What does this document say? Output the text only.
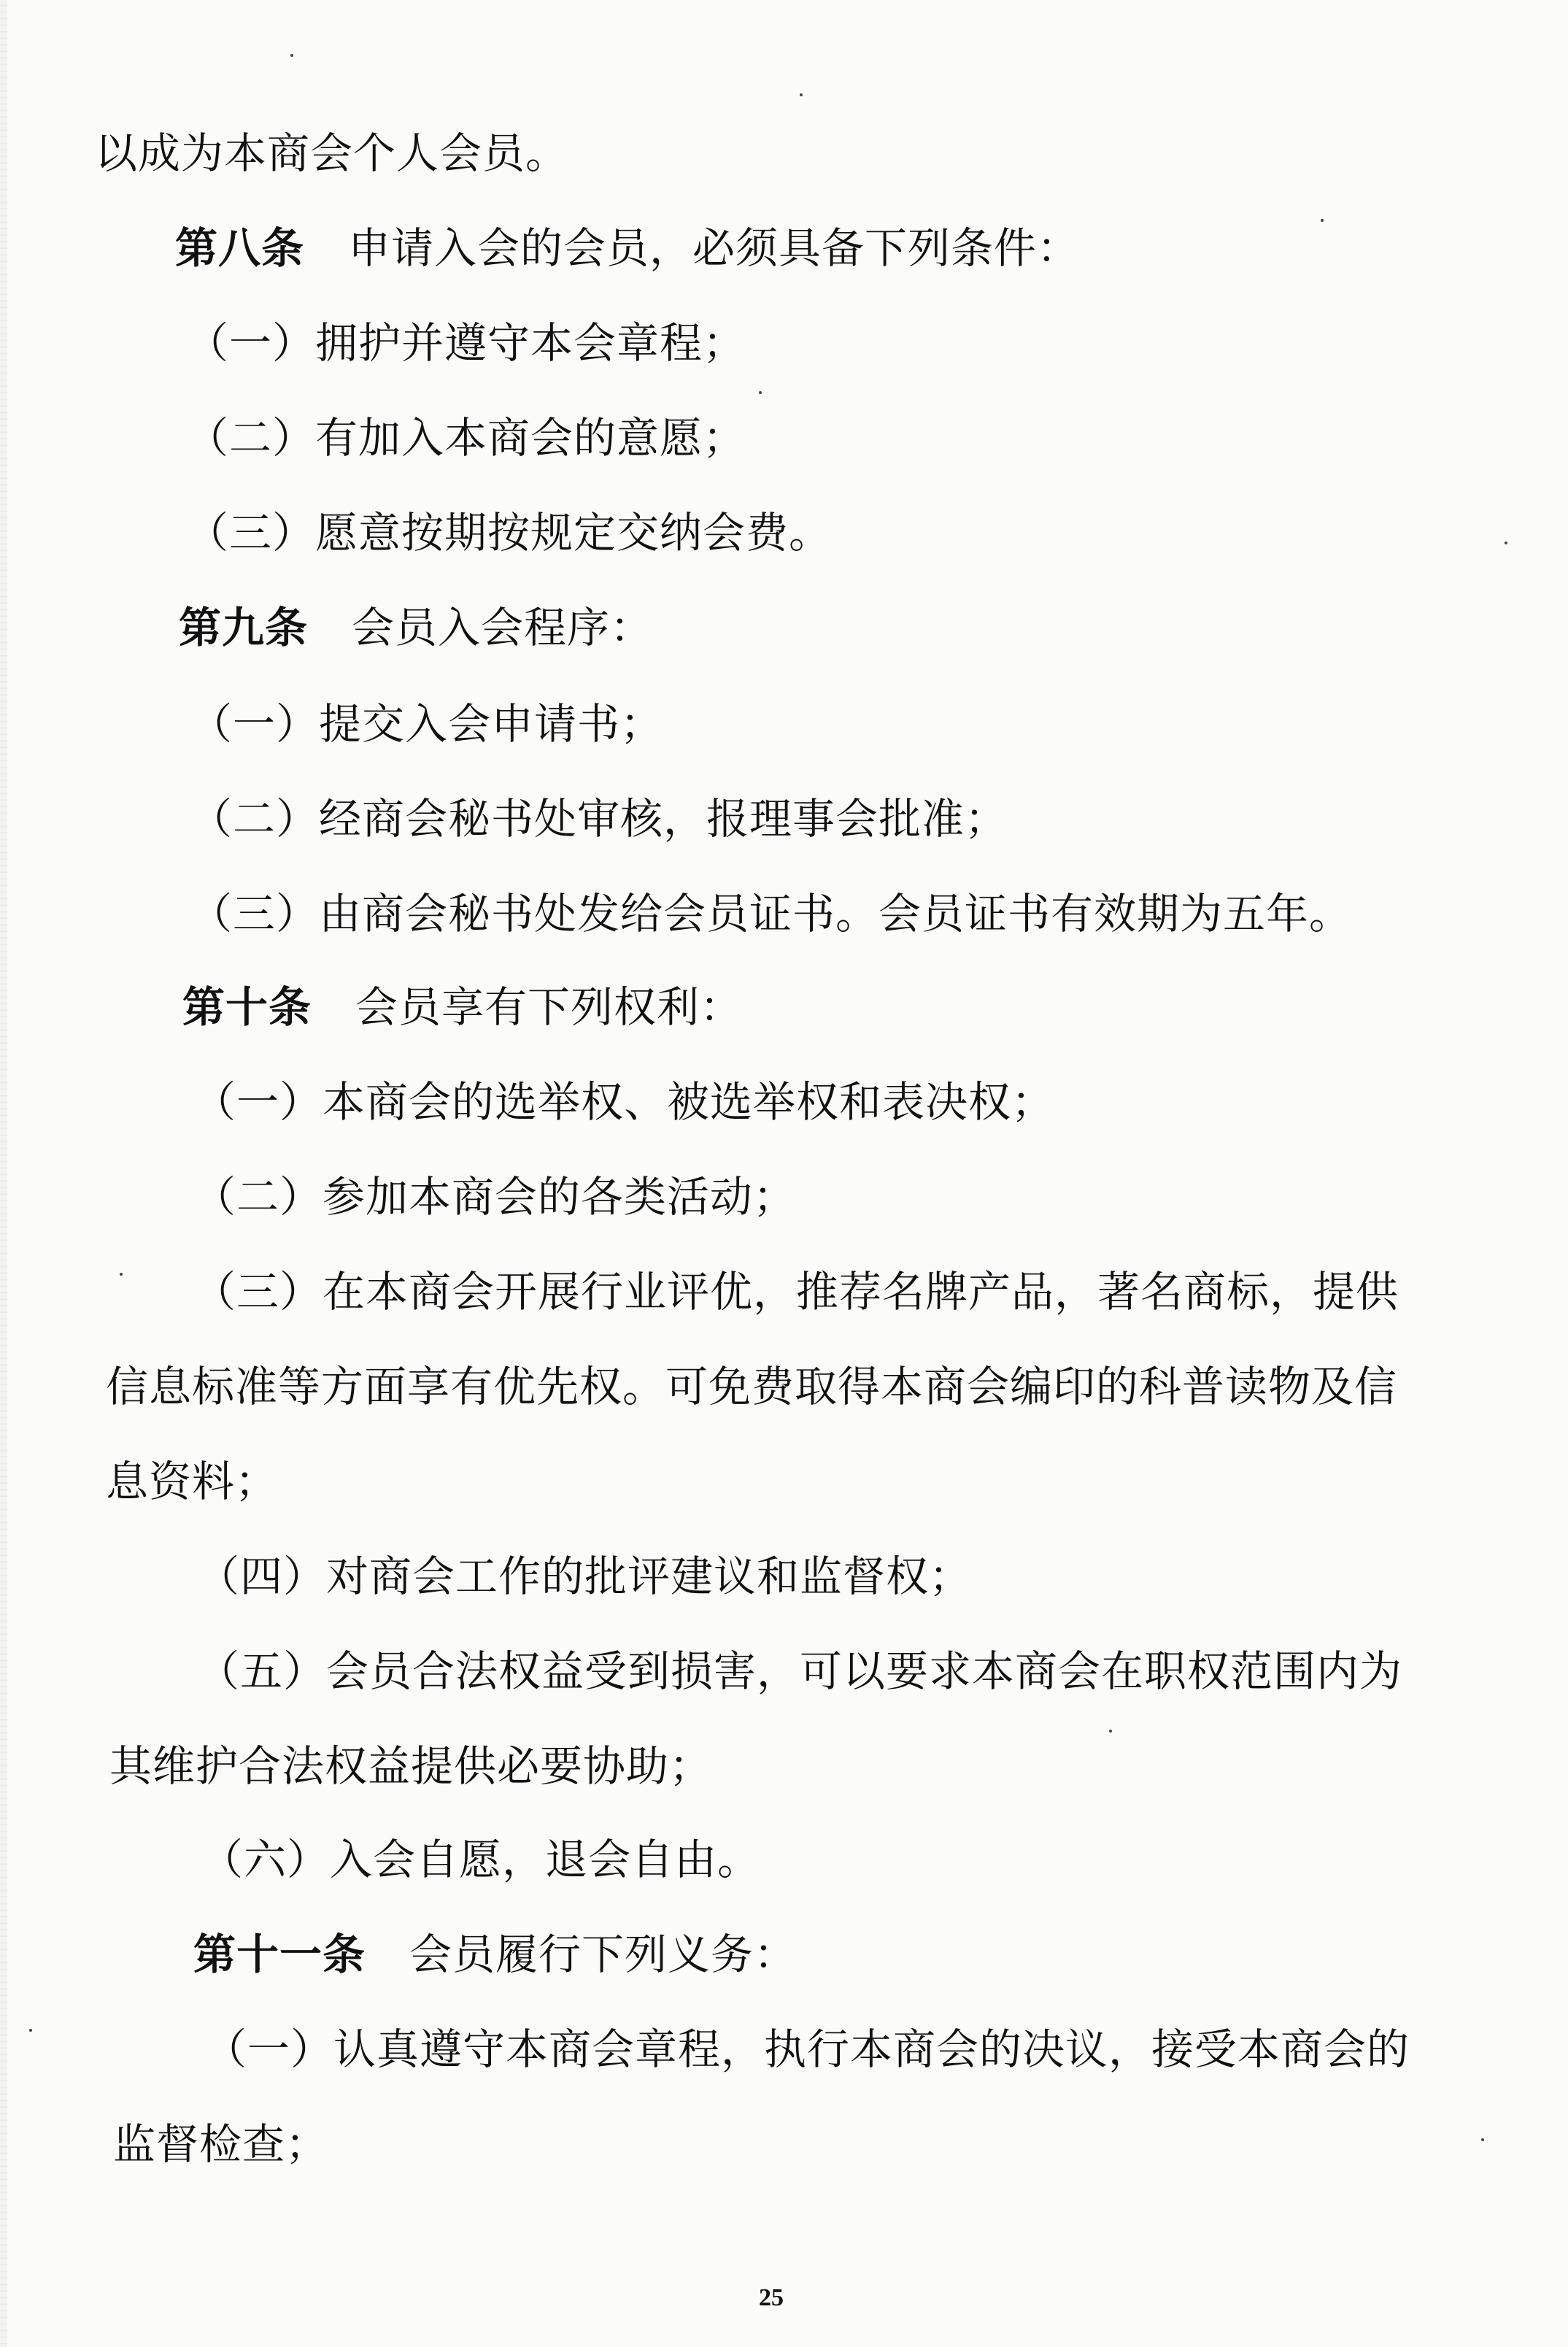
以成为本商会个人会员。
第八条 申请入会的会员，必须具备下列条件：
（一）拥护并遵守本会章程；
（二）有加入本商会的意愿；
（三）愿意按期按规定交纳会费。
第九条 会员入会程序：
（一）提交入会申请书；
（二）经商会秘书处审核，报理事会批准；
（三）由商会秘书处发给会员证书。会员证书有效期为五年。
第十条 会员享有下列权利：
（一）本商会的选举权、被选举权和表决权；
（二）参加本商会的各类活动；
（三）在本商会开展行业评优，推荐名牌产品，著名商标，提供
信息标准等方面享有优先权。可免费取得本商会编印的科普读物及信
息资料；
（四）对商会工作的批评建议和监督权；
（五）会员合法权益受到损害，可以要求本商会在职权范围内为
其维护合法权益提供必要协助；
（六）入会自愿，退会自由。
第十一条 会员履行下列义务：
（一）认真遵守本商会章程，执行本商会的决议，接受本商会的
监督检查；
25
